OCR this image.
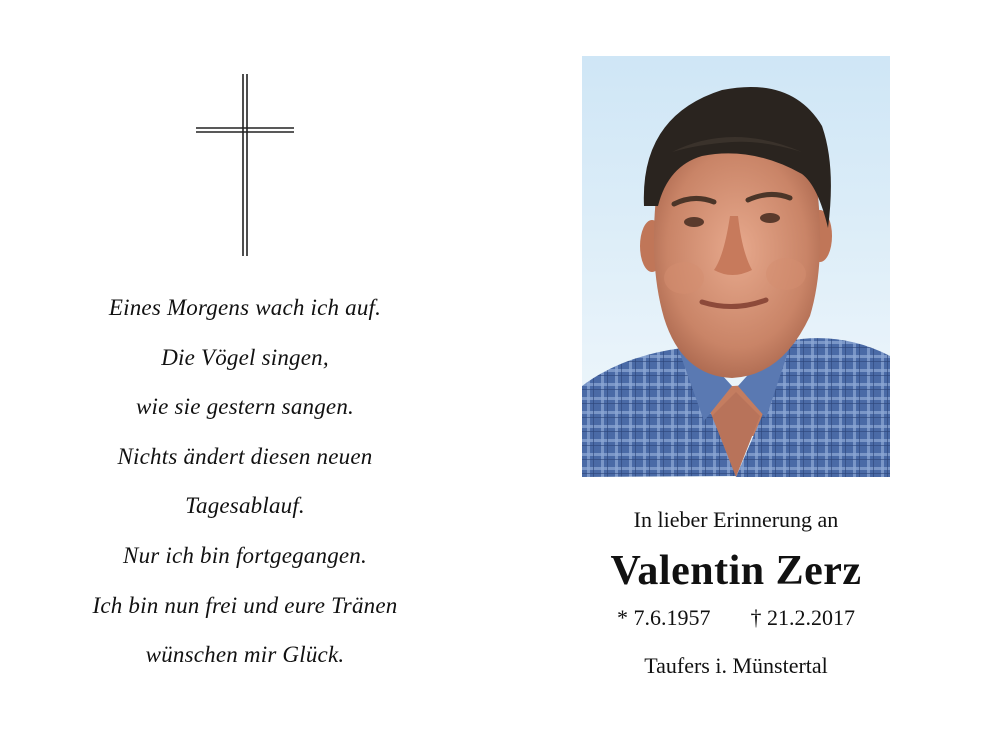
Eines Morgens wach ich auf.
Die Vögel singen,
wie sie gestern sangen.
Nichts ändert diesen neuen
Tagesablauf.
Nur ich bin fortgegangen.
Ich bin nun frei und eure Tränen
wünschen mir Glück.
In lieber Erinnerung an
Valentin Zerz
* 7.6.1957 † 21.2.2017
Taufers i. Münstertal
